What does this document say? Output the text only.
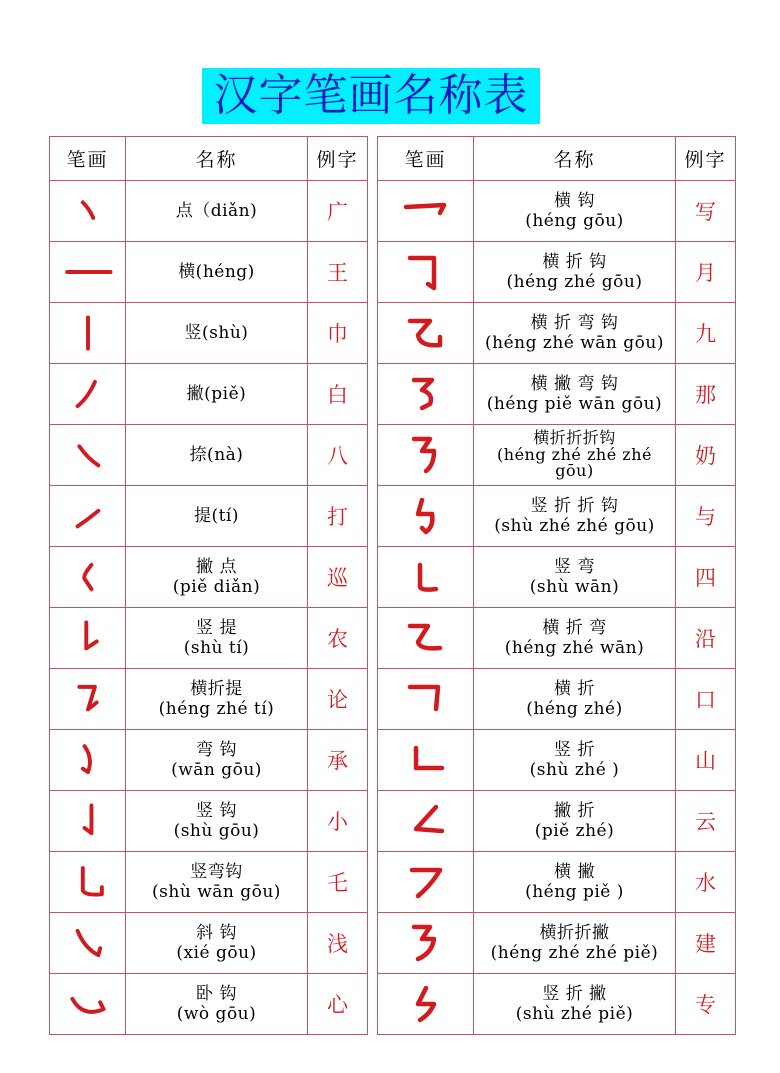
汉字笔画名称表
笔画	名称	例字

点（diǎn)	广

横(héng)	王

竖(shù)	巾

撇(piě)	白

捺(nà)	八

提(tí)	打

撇 点
(piě diǎn)	巡

竖 提
(shù tí)	农

横折提
(héng zhé tí)	论

弯 钩
(wān gōu)	承

竖 钩
(shù gōu)	小

竖弯钩
(shù wān gōu)	乇

斜 钩
(xié gōu)	浅

卧 钩
(wò gōu)	心
笔画	名称	例字

横 钩
(héng gōu)	写

横 折 钩
(héng zhé gōu)	月

横 折 弯 钩
(héng zhé wān gōu)	九

横 撇 弯 钩
(héng piě wān gōu)	那

横折折折钩
(héng zhé zhé zhé
gōu)	奶

竖 折 折 钩
(shù zhé zhé gōu)	与

竖 弯
(shù wān)	四

横 折 弯
(héng zhé wān)	沿

横 折
(héng zhé)	口

竖 折
(shù zhé )	山

撇 折
(piě zhé)	云

横 撇
(héng piě )	水

横折折撇
(héng zhé zhé piě)	建

竖 折 撇
(shù zhé piě)	专
